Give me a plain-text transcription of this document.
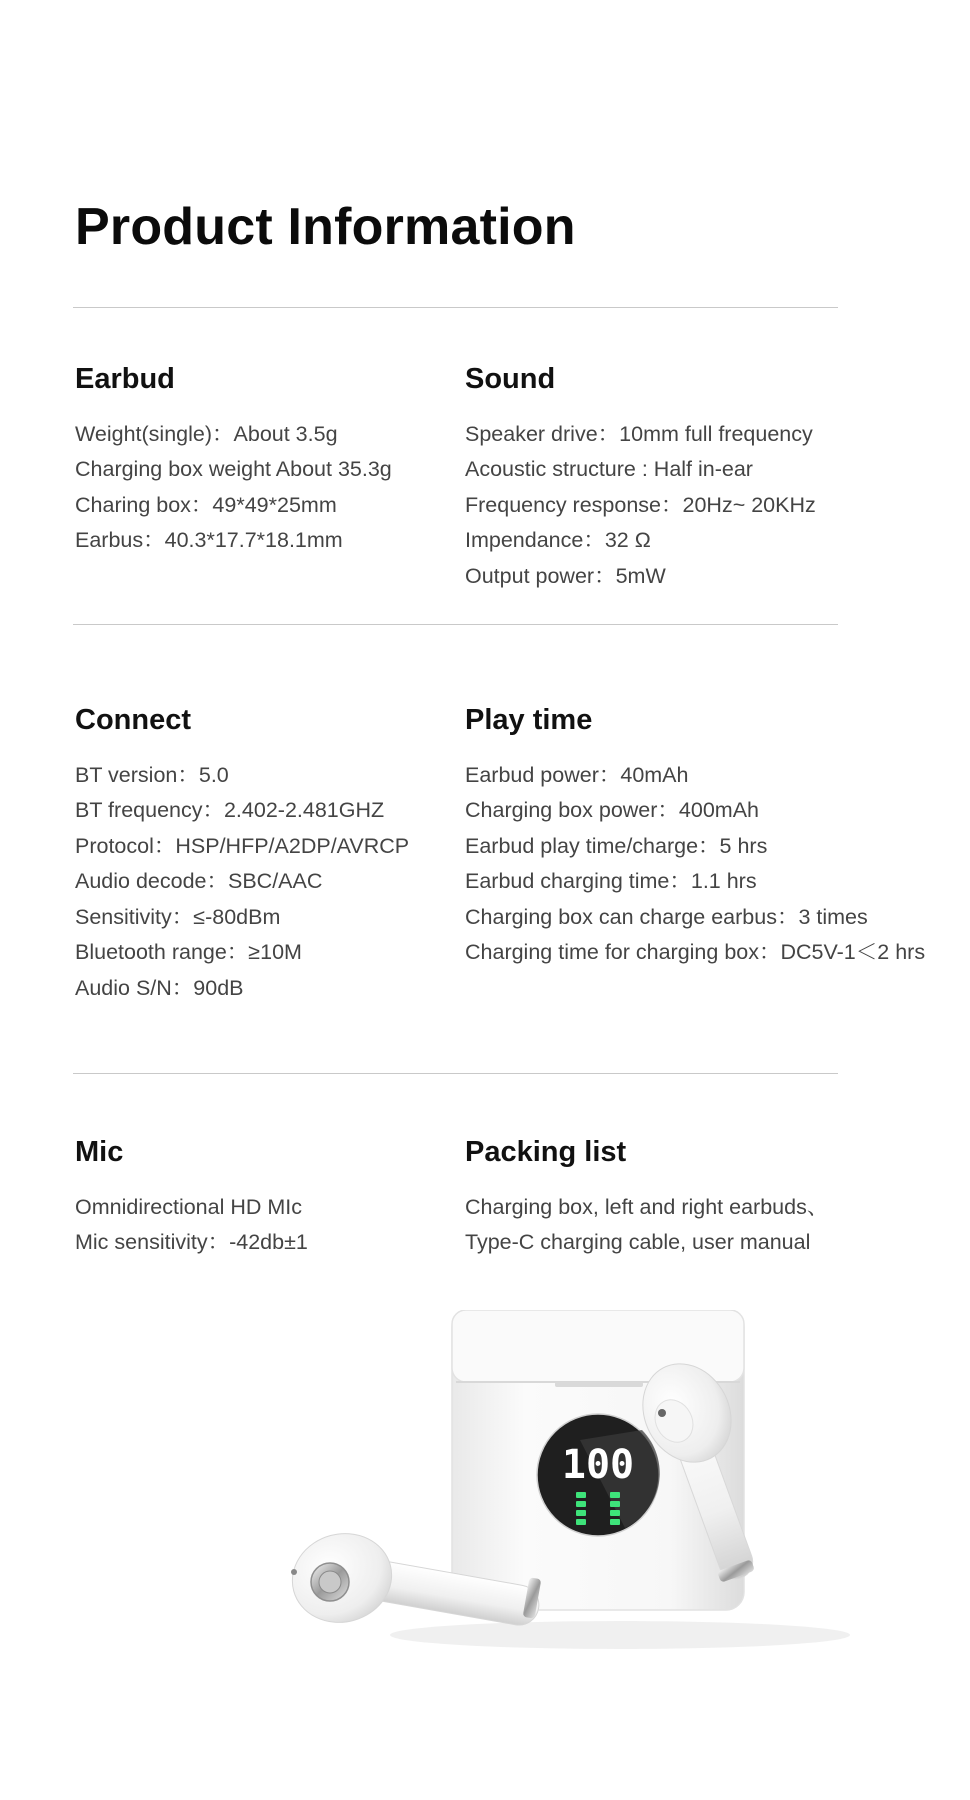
Product Information
Earbud
Weight(single)：About 3.5g
Charging box weight About 35.3g
Charing box：49*49*25mm
Earbus：40.3*17.7*18.1mm
Sound
Speaker drive：10mm full frequency
Acoustic structure : Half in-ear
Frequency response：20Hz~ 20KHz
Impendance：32 Ω
Output power：5mW
Connect
BT version：5.0
BT frequency：2.402-2.481GHZ
Protocol：HSP/HFP/A2DP/AVRCP
Audio decode：SBC/AAC
Sensitivity：≤-80dBm
Bluetooth range：≥10M
Audio S/N：90dB
Play time
Earbud power：40mAh
Charging box power：400mAh
Earbud play time/charge：5 hrs
Earbud charging time：1.1 hrs
Charging box can charge earbus：3 times
Charging time for charging box：DC5V-1＜2 hrs
Mic
Omnidirectional HD MIc
Mic sensitivity：-42db±1
Packing list
Charging box, left and right earbuds、
Type-C charging cable, user manual
100
